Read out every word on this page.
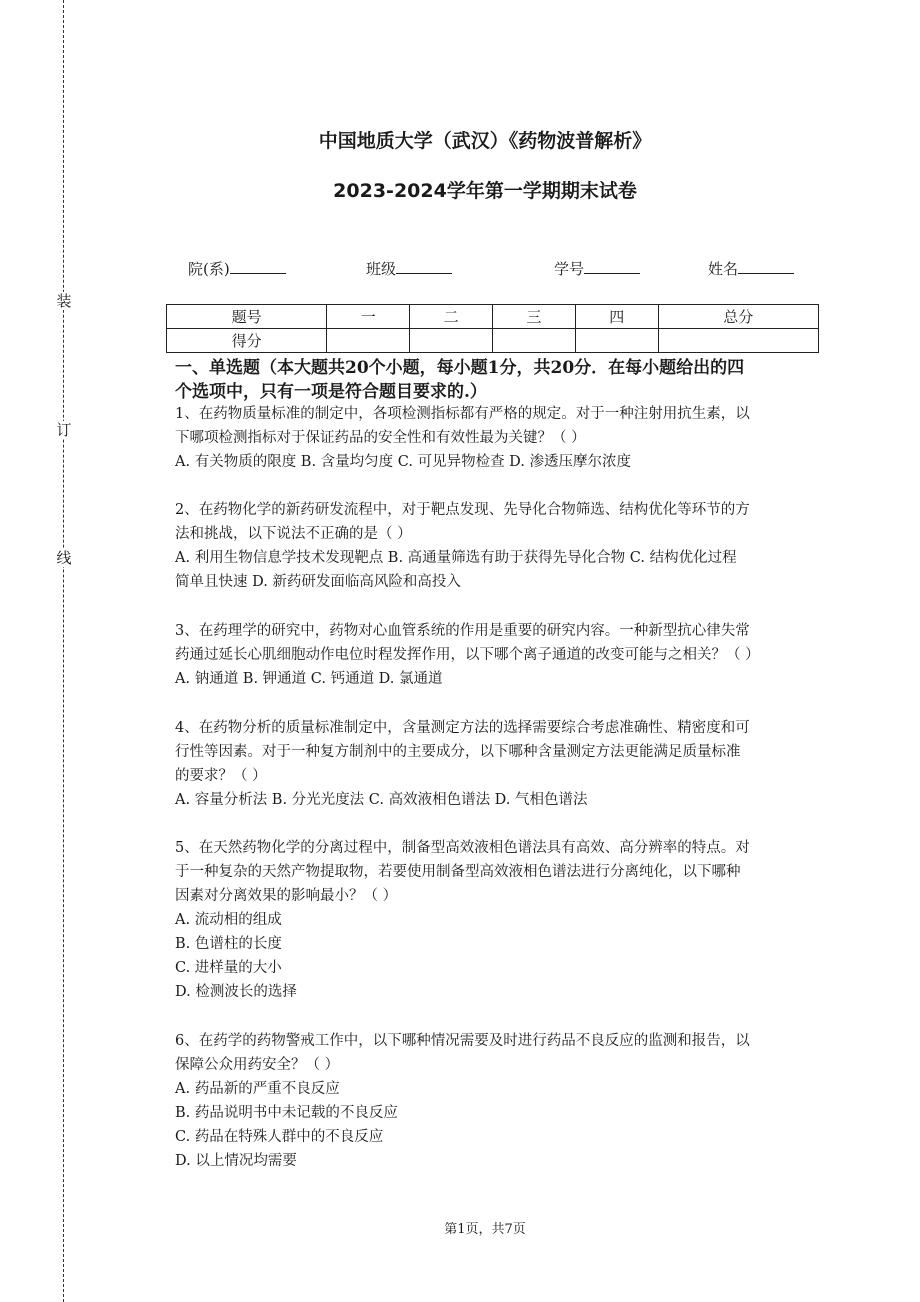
装
订
线
中国地质大学（武汉）《药物波普解析》
2023-2024学年第一学期期末试卷
院(系)	班级	学号	姓名
题号	一	二	三	四	总分
得分					
一、单选题（本大题共20个小题，每小题1分，共20分．在每小题给出的四
个选项中，只有一项是符合题目要求的.）
1、在药物质量标准的制定中，各项检测指标都有严格的规定。对于一种注射用抗生素，以
下哪项检测指标对于保证药品的安全性和有效性最为关键？（ ）
A. 有关物质的限度 B. 含量均匀度 C. 可见异物检查 D. 渗透压摩尔浓度
2、在药物化学的新药研发流程中，对于靶点发现、先导化合物筛选、结构优化等环节的方
法和挑战，以下说法不正确的是（ ）
A. 利用生物信息学技术发现靶点 B. 高通量筛选有助于获得先导化合物 C. 结构优化过程
简单且快速 D. 新药研发面临高风险和高投入
3、在药理学的研究中，药物对心血管系统的作用是重要的研究内容。一种新型抗心律失常
药通过延长心肌细胞动作电位时程发挥作用，以下哪个离子通道的改变可能与之相关？（ ）
A. 钠通道 B. 钾通道 C. 钙通道 D. 氯通道
4、在药物分析的质量标准制定中，含量测定方法的选择需要综合考虑准确性、精密度和可
行性等因素。对于一种复方制剂中的主要成分，以下哪种含量测定方法更能满足质量标准
的要求？（ ）
A. 容量分析法 B. 分光光度法 C. 高效液相色谱法 D. 气相色谱法
5、在天然药物化学的分离过程中，制备型高效液相色谱法具有高效、高分辨率的特点。对
于一种复杂的天然产物提取物，若要使用制备型高效液相色谱法进行分离纯化，以下哪种
因素对分离效果的影响最小？（ ）
A. 流动相的组成
B. 色谱柱的长度
C. 进样量的大小
D. 检测波长的选择
6、在药学的药物警戒工作中，以下哪种情况需要及时进行药品不良反应的监测和报告，以
保障公众用药安全？（ ）
A. 药品新的严重不良反应
B. 药品说明书中未记载的不良反应
C. 药品在特殊人群中的不良反应
D. 以上情况均需要
第1页，共7页
